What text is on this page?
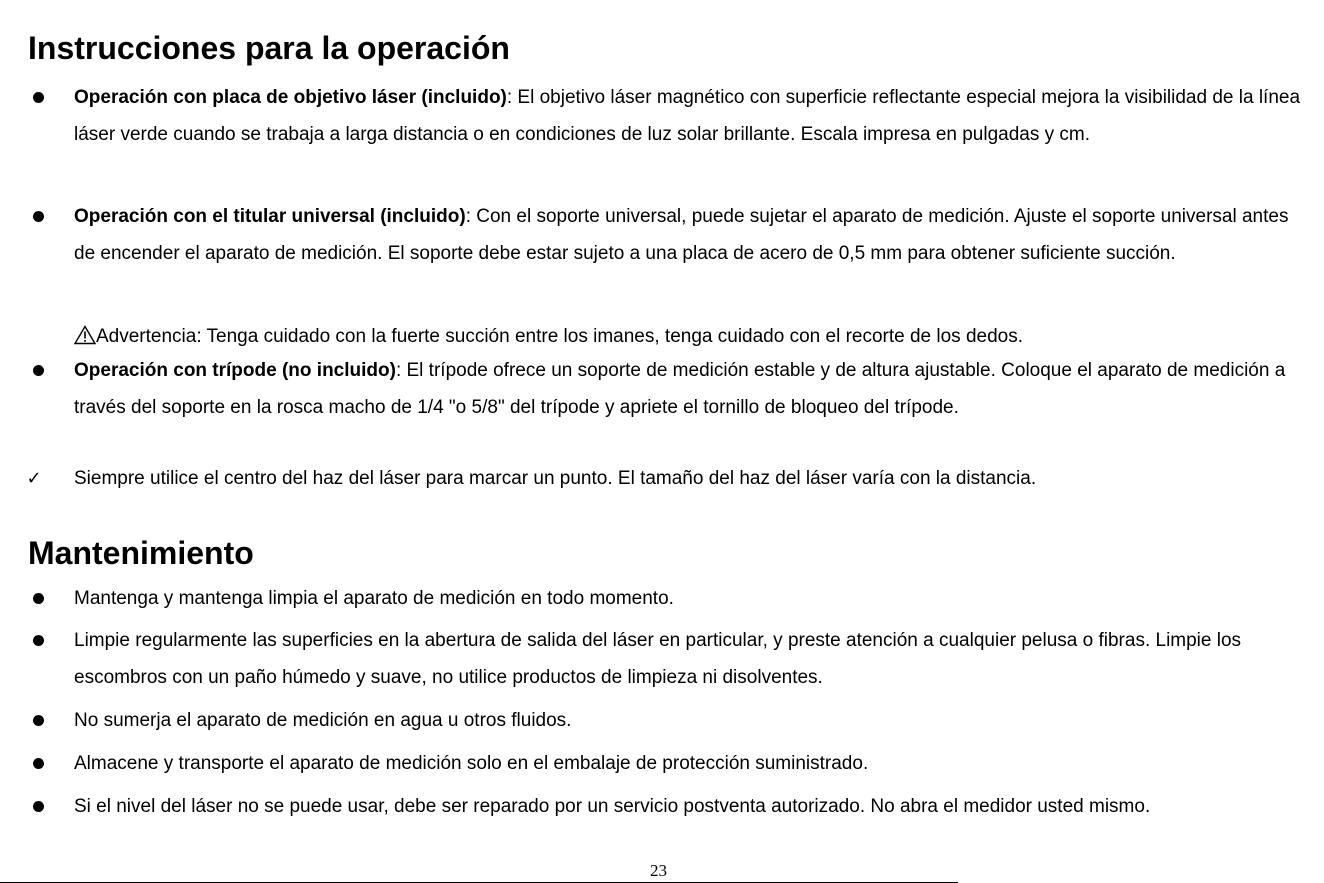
Instrucciones para la operación
Operación con placa de objetivo láser (incluido): El objetivo láser magnético con superficie reflectante especial mejora la visibilidad de la línea láser verde cuando se trabaja a larga distancia o en condiciones de luz solar brillante. Escala impresa en pulgadas y cm.
Operación con el titular universal (incluido): Con el soporte universal, puede sujetar el aparato de medición. Ajuste el soporte universal antes de encender el aparato de medición. El soporte debe estar sujeto a una placa de acero de 0,5 mm para obtener suficiente succión.
Advertencia: Tenga cuidado con la fuerte succión entre los imanes, tenga cuidado con el recorte de los dedos.
Operación con trípode (no incluido): El trípode ofrece un soporte de medición estable y de altura ajustable. Coloque el aparato de medición a través del soporte en la rosca macho de 1/4 "o 5/8" del trípode y apriete el tornillo de bloqueo del trípode.
✓ Siempre utilice el centro del haz del láser para marcar un punto. El tamaño del haz del láser varía con la distancia.
Mantenimiento
Mantenga y mantenga limpia el aparato de medición en todo momento.
Limpie regularmente las superficies en la abertura de salida del láser en particular, y preste atención a cualquier pelusa o fibras. Limpie los escombros con un paño húmedo y suave, no utilice productos de limpieza ni disolventes.
No sumerja el aparato de medición en agua u otros fluidos.
Almacene y transporte el aparato de medición solo en el embalaje de protección suministrado.
Si el nivel del láser no se puede usar, debe ser reparado por un servicio postventa autorizado. No abra el medidor usted mismo.
23
